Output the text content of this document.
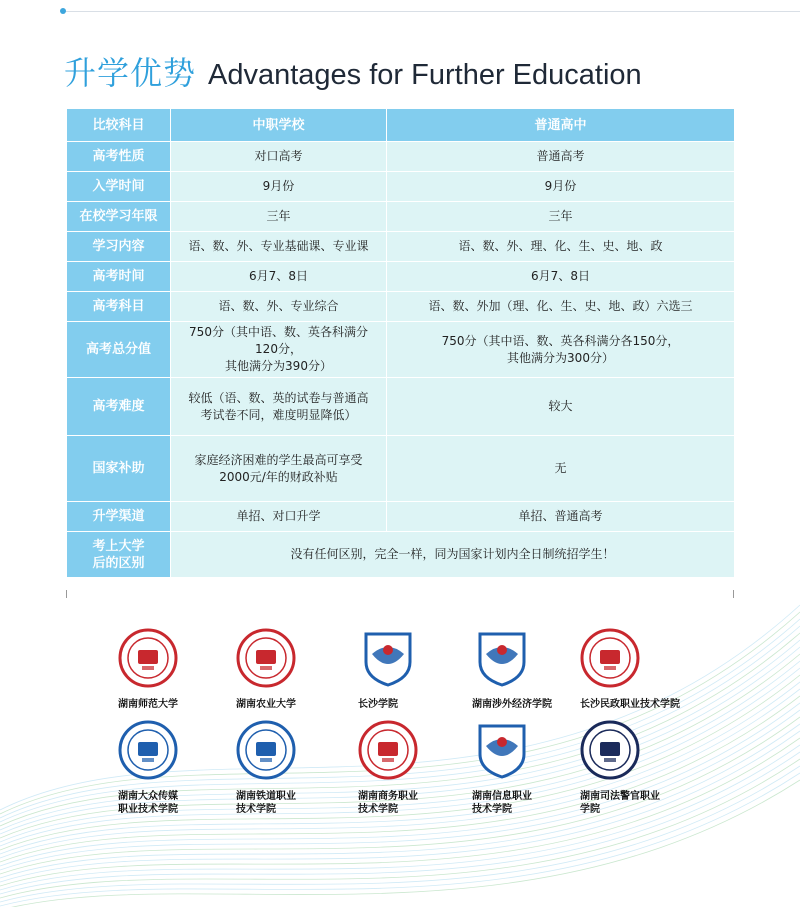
升学优势 Advantages for Further Education
比较科目	中职学校	普通高中
高考性质	对口高考	普通高考
入学时间	9月份	9月份
在校学习年限	三年	三年
学习内容	语、数、外、专业基础课、专业课	语、数、外、理、化、生、史、地、政
高考时间	6月7、8日	6月7、8日
高考科目	语、数、外、专业综合	语、数、外加（理、化、生、史、地、政）六选三
高考总分值	750分（其中语、数、英各科满分
120分，
其他满分为390分）	750分（其中语、数、英各科满分各150分，
其他满分为300分）
高考难度	较低（语、数、英的试卷与普通高
考试卷不同，难度明显降低）	较大
国家补助	家庭经济困难的学生最高可享受
2000元/年的财政补贴	无
升学渠道	单招、对口升学	单招、普通高考
考上大学
后的区别	没有任何区别，完全一样，同为国家计划内全日制统招学生！	
湖南师范大学	湖南农业大学	长沙学院	湖南涉外经济学院	长沙民政职业技术学院
湖南大众传媒
职业技术学院
湖南铁道职业
技术学院
湖南商务职业
技术学院
湖南信息职业
技术学院
湖南司法警官职业
学院
